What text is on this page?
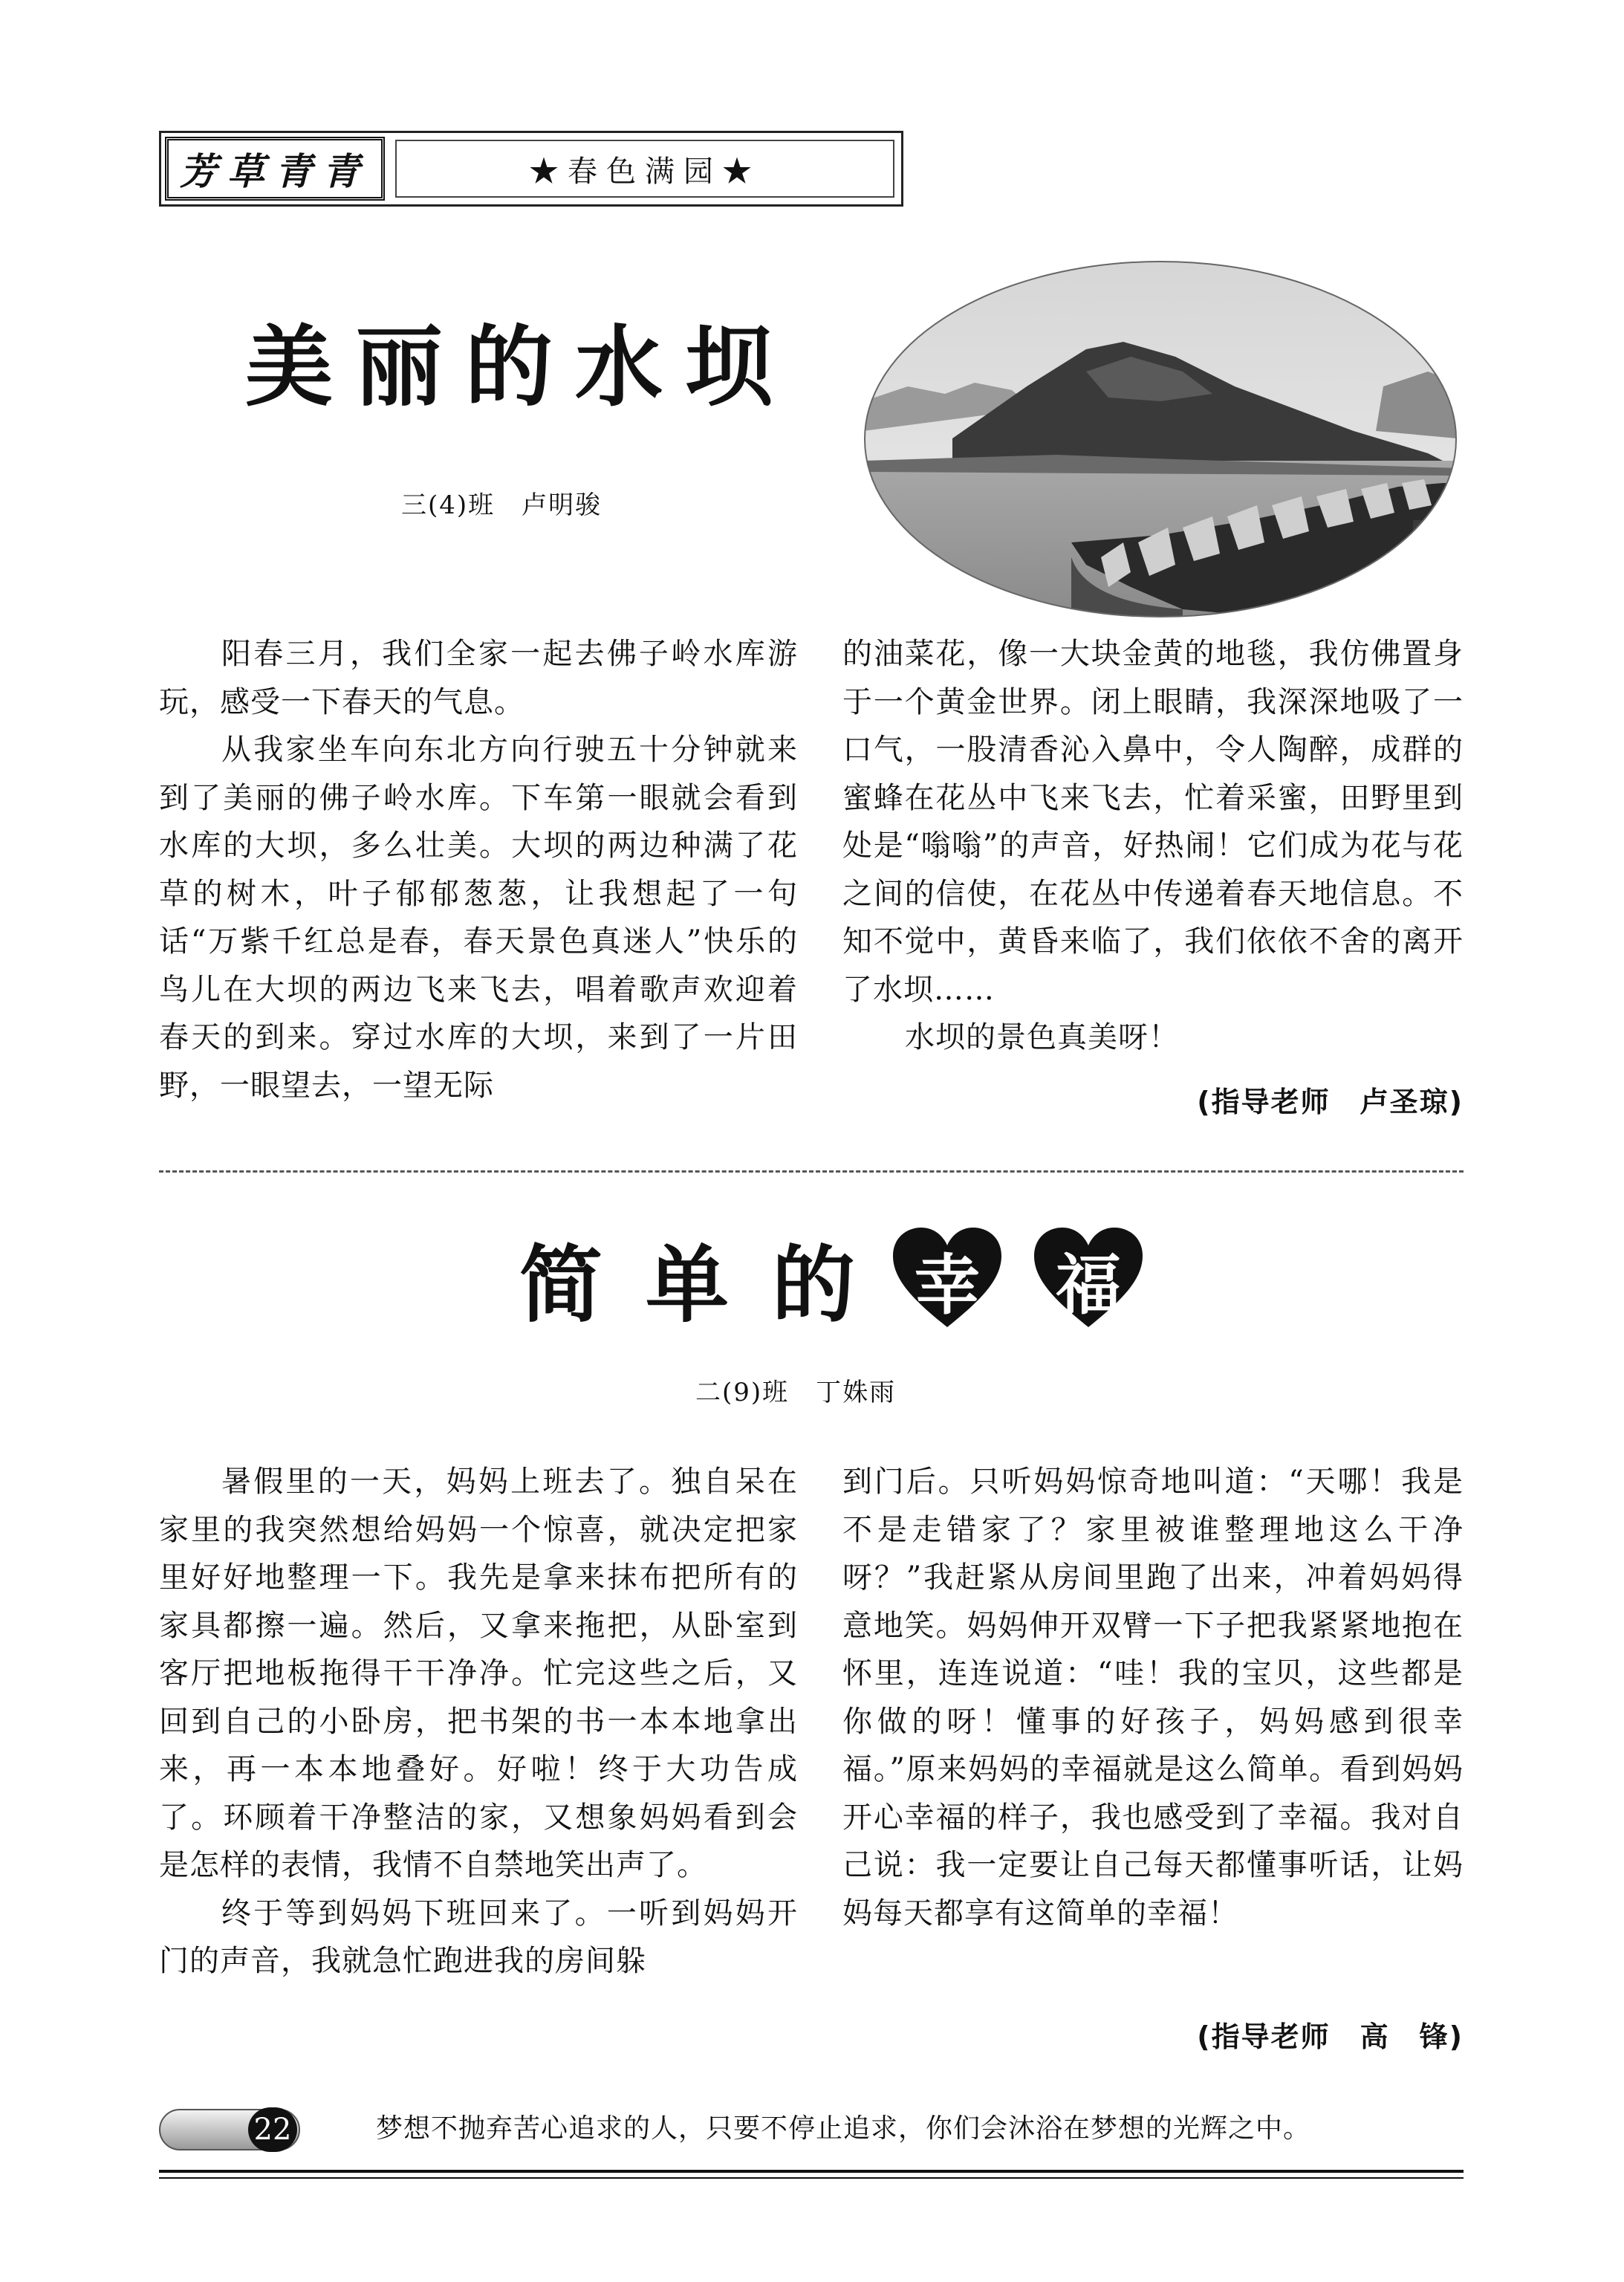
芳草青青	★春色满园★
美丽的水坝
三(4)班　卢明骏

阳春三月，我们全家一起去佛子岭水库游玩，感受一下春天的气息。

从我家坐车向东北方向行驶五十分钟就来到了美丽的佛子岭水库。下车第一眼就会看到水库的大坝，多么壮美。大坝的两边种满了花草的树木，叶子郁郁葱葱，让我想起了一句话“万紫千红总是春，春天景色真迷人”快乐的鸟儿在大坝的两边飞来飞去，唱着歌声欢迎着春天的到来。穿过水库的大坝，来到了一片田野，一眼望去，一望无际

的油菜花，像一大块金黄的地毯，我仿佛置身于一个黄金世界。闭上眼睛，我深深地吸了一口气，一股清香沁入鼻中，令人陶醉，成群的蜜蜂在花丛中飞来飞去，忙着采蜜，田野里到处是“嗡嗡”的声音，好热闹！它们成为花与花之间的信使，在花丛中传递着春天地信息。不知不觉中，黄昏来临了，我们依依不舍的离开了水坝……

水坝的景色真美呀！

(指导老师　卢圣琼)
简 单 的 幸	福
二(9)班　丁姝雨

暑假里的一天，妈妈上班去了。独自呆在家里的我突然想给妈妈一个惊喜，就决定把家里好好地整理一下。我先是拿来抹布把所有的家具都擦一遍。然后，又拿来拖把，从卧室到客厅把地板拖得干干净净。忙完这些之后，又回到自己的小卧房，把书架的书一本本地拿出来，再一本本地叠好。好啦！终于大功告成了。环顾着干净整洁的家，又想象妈妈看到会是怎样的表情，我情不自禁地笑出声了。

终于等到妈妈下班回来了。一听到妈妈开门的声音，我就急忙跑进我的房间躲

到门后。只听妈妈惊奇地叫道：“天哪！我是不是走错家了？家里被谁整理地这么干净呀？”我赶紧从房间里跑了出来，冲着妈妈得意地笑。妈妈伸开双臂一下子把我紧紧地抱在怀里，连连说道：“哇！我的宝贝，这些都是你做的呀！懂事的好孩子，妈妈感到很幸福。”原来妈妈的幸福就是这么简单。看到妈妈开心幸福的样子，我也感受到了幸福。我对自己说：我一定要让自己每天都懂事听话，让妈妈每天都享有这简单的幸福！

(指导老师　高　锋)
22	梦想不抛弃苦心追求的人，只要不停止追求，你们会沐浴在梦想的光辉之中。
